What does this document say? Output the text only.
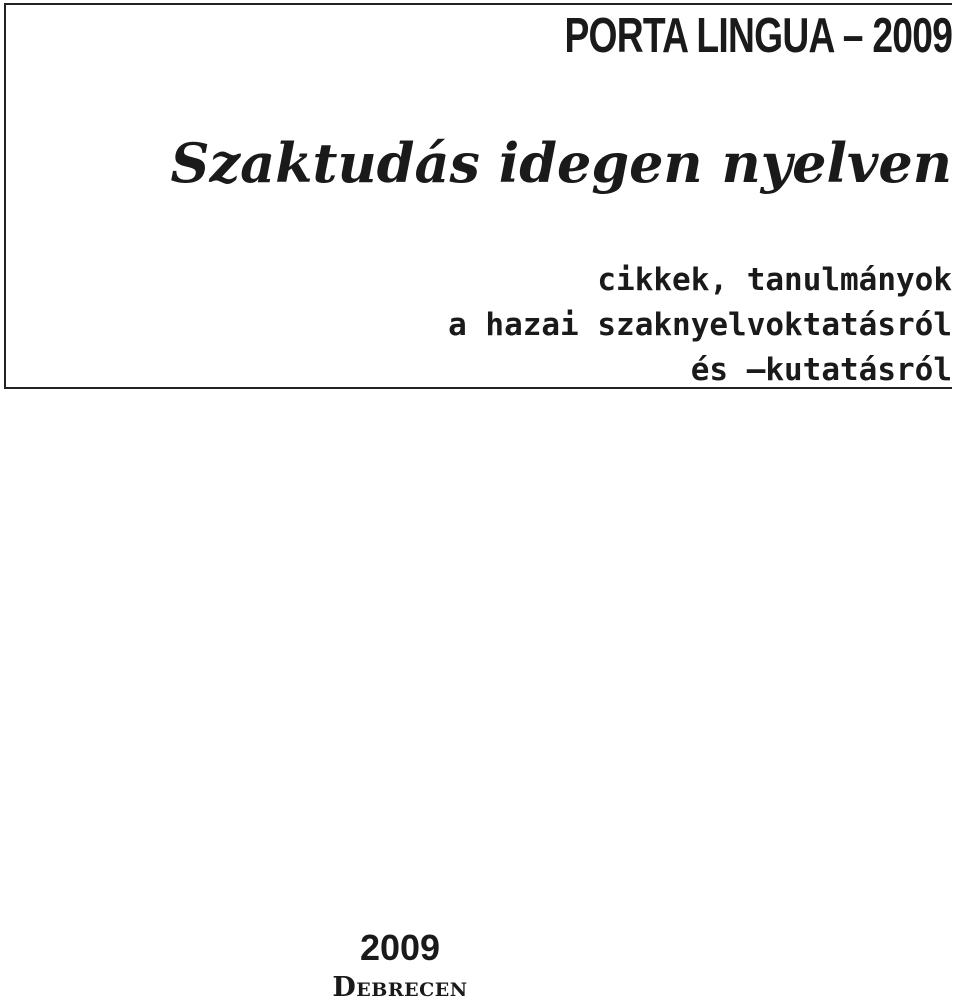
PORTA LINGUA – 2009
Szaktudás idegen nyelven

cikkek, tanulmányok
a hazai szaknyelvoktatásról
és –kutatásról

2009
Debrecen
